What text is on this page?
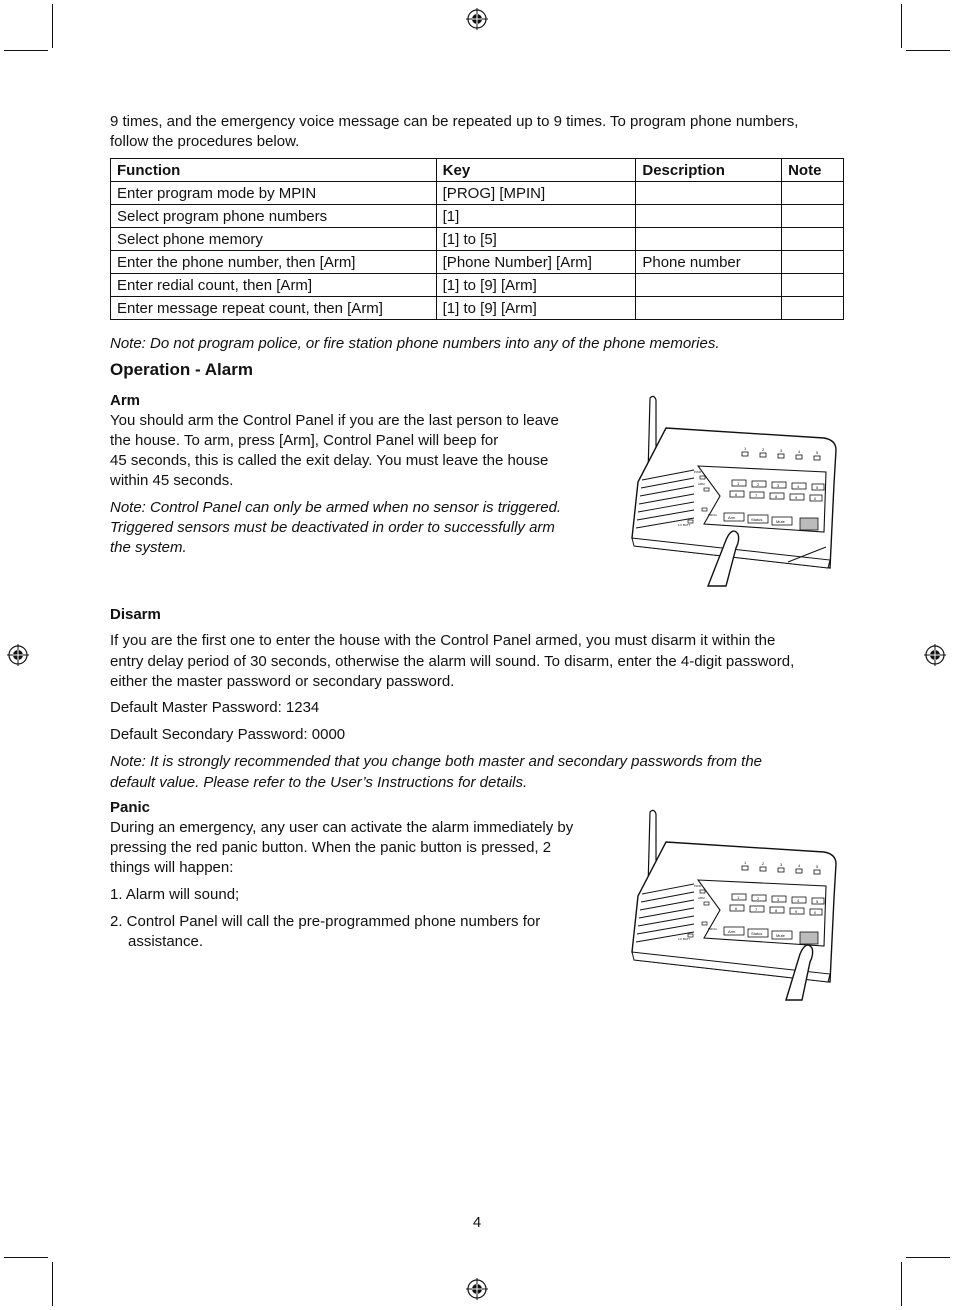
9 times, and the emergency voice message can be repeated up to 9 times. To program phone numbers,
follow the procedures below.
Function	Key	Description	Note
Enter program mode by MPIN	[PROG] [MPIN]		
Select program phone numbers	[1]		
Select phone memory	[1] to [5]		
Enter the phone number, then [Arm]	[Phone Number] [Arm]	Phone number	
Enter redial count, then [Arm]	[1] to [9] [Arm]		
Enter message repeat count, then [Arm]	[1] to [9] [Arm]		
Note: Do not program police, or fire station phone numbers into any of the phone memories.
Operation - Alarm
Arm
You should arm the Control Panel if you are the last person to leave
the house. To arm, press [Arm], Control Panel will beep for
45 seconds, this is called the exit delay. You must leave the house
within 45 seconds.
Note: Control Panel can only be armed when no sensor is triggered.
Triggered sensors must be deactivated in order to successfully arm
the system.
1	2	3	4	5
1	2	3	4	5
6	7	8	9	0
Arm	Status	Mute
PWR
ARM
PROG
LO BATT
Disarm
If you are the first one to enter the house with the Control Panel armed, you must disarm it within the
entry delay period of 30 seconds, otherwise the alarm will sound. To disarm, enter the 4-digit password,
either the master password or secondary password.
Default Master Password: 1234
Default Secondary Password: 0000
Note: It is strongly recommended that you change both master and secondary passwords from the
default value. Please refer to the User’s Instructions for details.
Panic
During an emergency, any user can activate the alarm immediately by
pressing the red panic button. When the panic button is pressed, 2
things will happen:
1. Alarm will sound;
2. Control Panel will call the pre-programmed phone numbers for
assistance.
1	2	3	4	5
1	2	3	4	5
6	7	8	9	0
Arm	Status	Mute
PWR
ARM
PROG
LO BATT
4
